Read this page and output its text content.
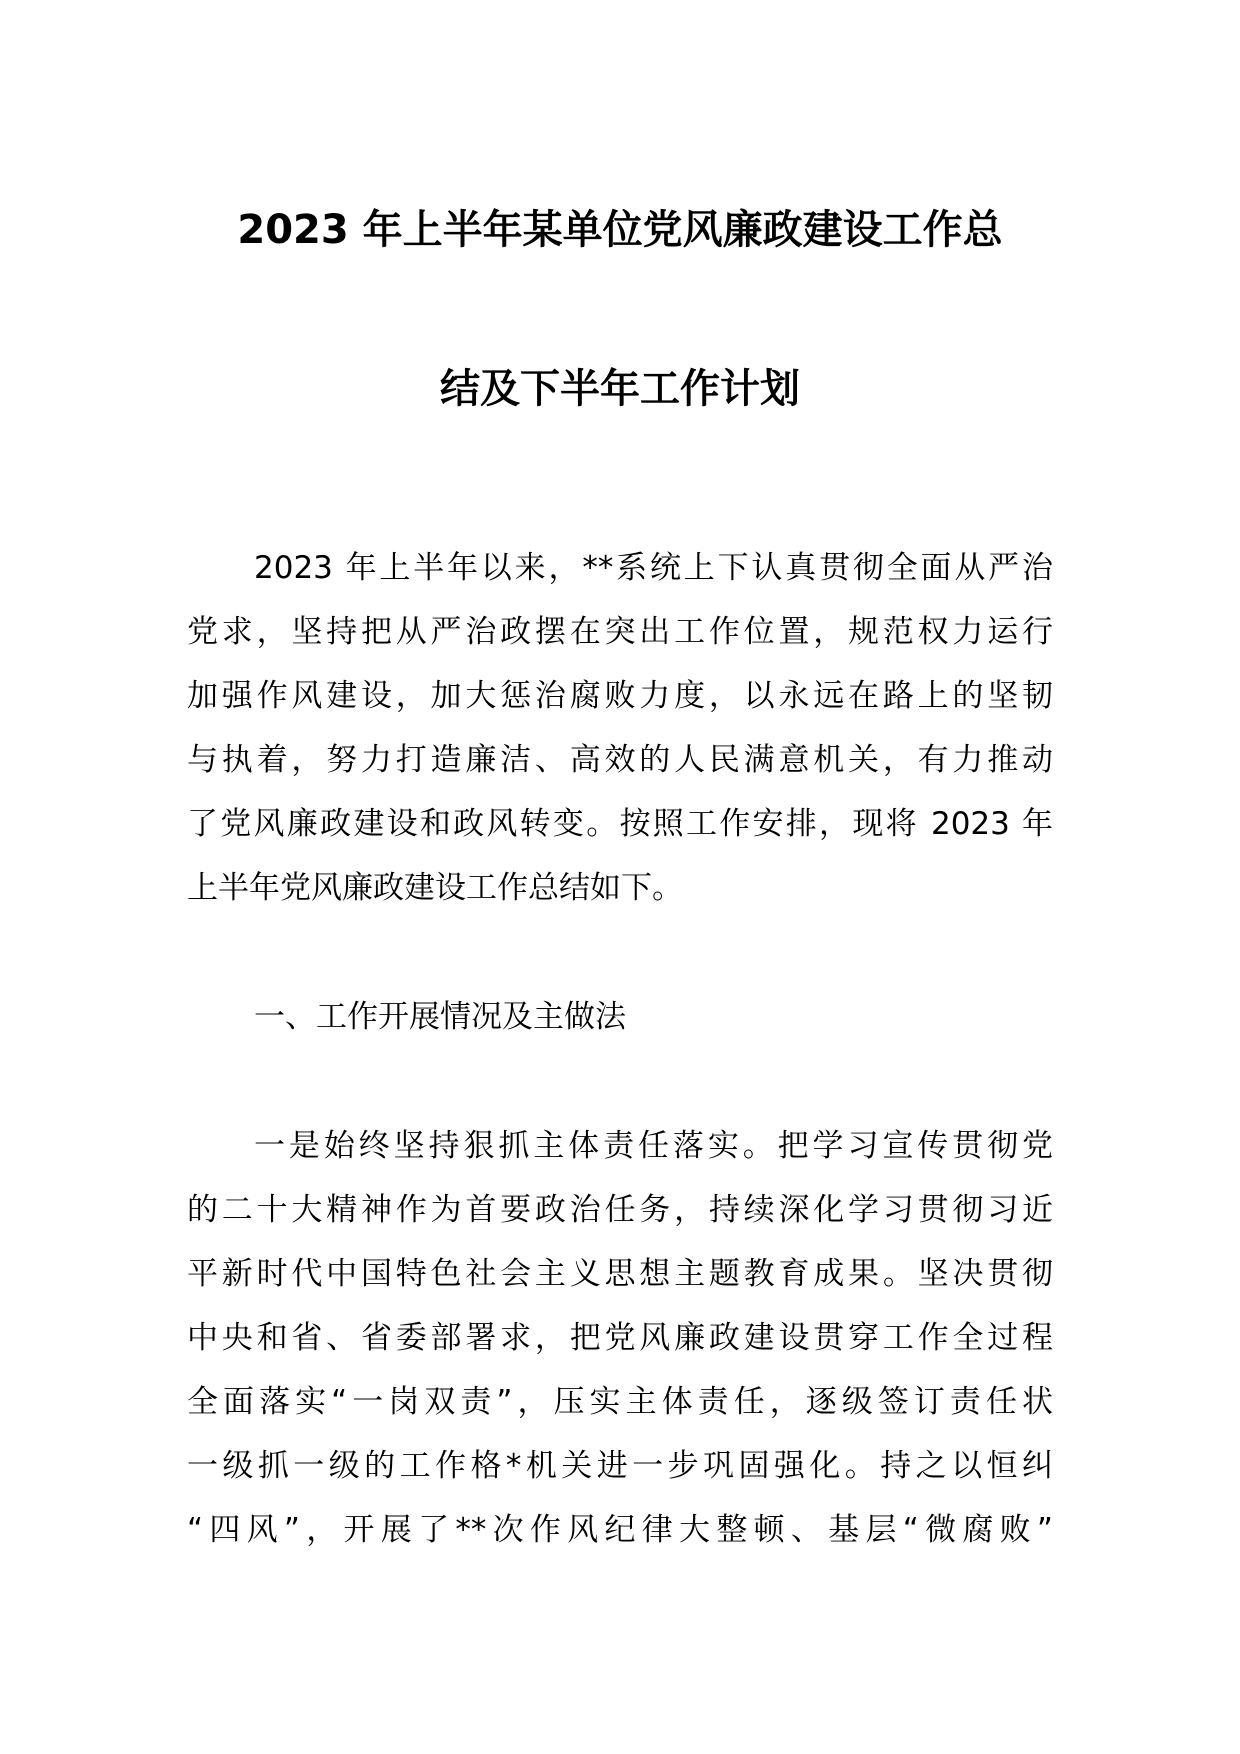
2023 年上半年某单位党风廉政建设工作总
结及下半年工作计划
2023 年上半年以来，**系统上下认真贯彻全面从严治
党求，坚持把从严治政摆在突出工作位置，规范权力运行
加强作风建设，加大惩治腐败力度，以永远在路上的坚韧
与执着，努力打造廉洁、高效的人民满意机关，有力推动
了党风廉政建设和政风转变。按照工作安排，现将 2023 年
上半年党风廉政建设工作总结如下。
一、工作开展情况及主做法
一是始终坚持狠抓主体责任落实。把学习宣传贯彻党
的二十大精神作为首要政治任务，持续深化学习贯彻习近
平新时代中国特色社会主义思想主题教育成果。坚决贯彻
中央和省、省委部署求，把党风廉政建设贯穿工作全过程
全面落实“一岗双责”，压实主体责任，逐级签订责任状
一级抓一级的工作格*机关进一步巩固强化。持之以恒纠
“四风”，开展了**次作风纪律大整顿、基层“微腐败”
